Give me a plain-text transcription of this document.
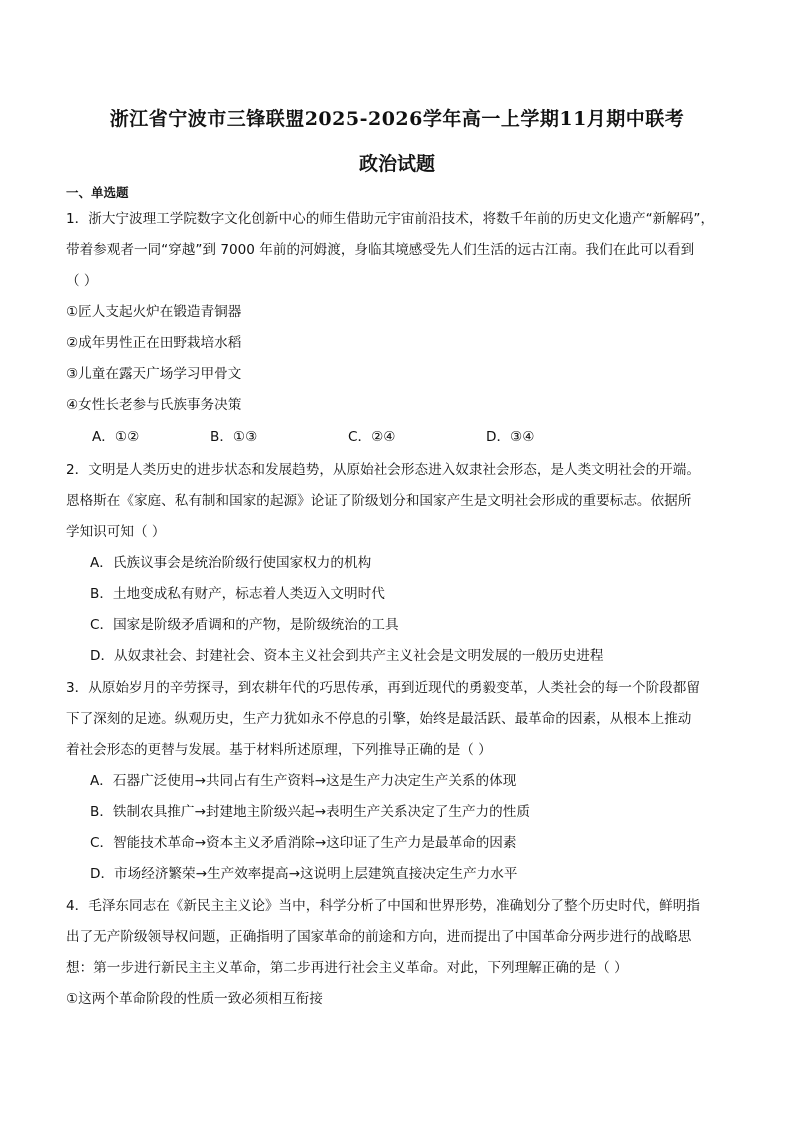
浙江省宁波市三锋联盟2025-2026学年高一上学期11月期中联考
政治试题
一、单选题
1．浙大宁波理工学院数字文化创新中心的师生借助元宇宙前沿技术，将数千年前的历史文化遗产“新解码”，
带着参观者一同“穿越”到 7000 年前的河姆渡，身临其境感受先人们生活的远古江南。我们在此可以看到
（ ）
①匠人支起火炉在锻造青铜器
②成年男性正在田野栽培水稻
③儿童在露天广场学习甲骨文
④女性长老参与氏族事务决策
A．①②	B．①③	C．②④	D．③④
2．文明是人类历史的进步状态和发展趋势，从原始社会形态进入奴隶社会形态，是人类文明社会的开端。
恩格斯在《家庭、私有制和国家的起源》论证了阶级划分和国家产生是文明社会形成的重要标志。依据所
学知识可知（ ）
A．氏族议事会是统治阶级行使国家权力的机构
B．土地变成私有财产，标志着人类迈入文明时代
C．国家是阶级矛盾调和的产物，是阶级统治的工具
D．从奴隶社会、封建社会、资本主义社会到共产主义社会是文明发展的一般历史进程
3．从原始岁月的辛劳探寻，到农耕年代的巧思传承，再到近现代的勇毅变革，人类社会的每一个阶段都留
下了深刻的足迹。纵观历史，生产力犹如永不停息的引擎，始终是最活跃、最革命的因素，从根本上推动
着社会形态的更替与发展。基于材料所述原理，下列推导正确的是（ ）
A．石器广泛使用→共同占有生产资料→这是生产力决定生产关系的体现
B．铁制农具推广→封建地主阶级兴起→表明生产关系决定了生产力的性质
C．智能技术革命→资本主义矛盾消除→这印证了生产力是最革命的因素
D．市场经济繁荣→生产效率提高→这说明上层建筑直接决定生产力水平
4．毛泽东同志在《新民主主义论》当中，科学分析了中国和世界形势，准确划分了整个历史时代，鲜明指
出了无产阶级领导权问题，正确指明了国家革命的前途和方向，进而提出了中国革命分两步进行的战略思
想：第一步进行新民主主义革命，第二步再进行社会主义革命。对此，下列理解正确的是（ ）
①这两个革命阶段的性质一致必须相互衔接
